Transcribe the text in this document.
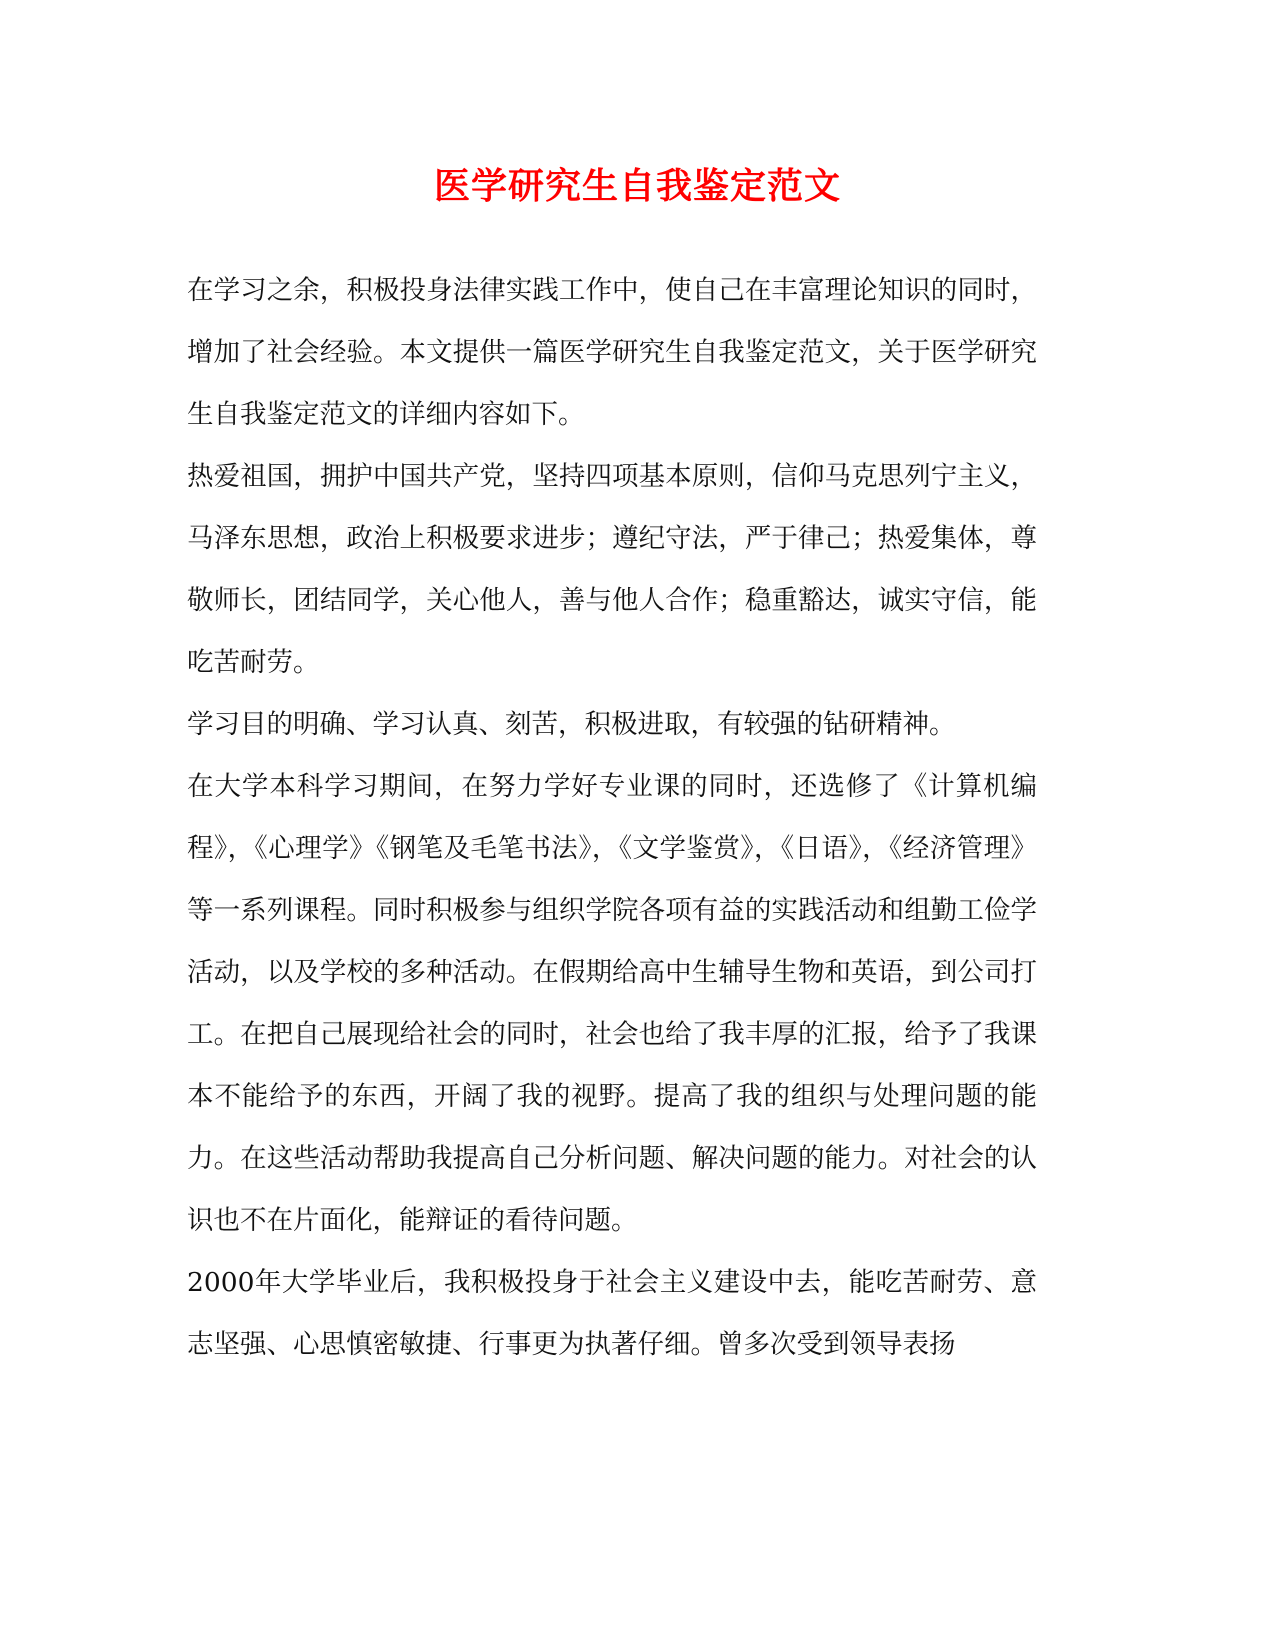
医学研究生自我鉴定范文

在学习之余，积极投身法律实践工作中，使自己在丰富理论知识的同时，增加了社会经验。本文提供一篇医学研究生自我鉴定范文，关于医学研究生自我鉴定范文的详细内容如下。

热爱祖国，拥护中国共产党，坚持四项基本原则，信仰马克思列宁主义，马泽东思想，政治上积极要求进步；遵纪守法，严于律己；热爱集体，尊敬师长，团结同学，关心他人，善与他人合作；稳重豁达，诚实守信，能吃苦耐劳。

学习目的明确、学习认真、刻苦，积极进取，有较强的钻研精神。

在大学本科学习期间，在努力学好专业课的同时，还选修了《计算机编程》，《心理学》《钢笔及毛笔书法》，《文学鉴赏》，《日语》，《经济管理》等一系列课程。同时积极参与组织学院各项有益的实践活动和组勤工俭学活动，以及学校的多种活动。在假期给高中生辅导生物和英语，到公司打工。在把自己展现给社会的同时，社会也给了我丰厚的汇报，给予了我课本不能给予的东西，开阔了我的视野。提高了我的组织与处理问题的能力。在这些活动帮助我提高自己分析问题、解决问题的能力。对社会的认识也不在片面化，能辩证的看待问题。

2000年大学毕业后，我积极投身于社会主义建设中去，能吃苦耐劳、意志坚强、心思慎密敏捷、行事更为执著仔细。曾多次受到领导表扬
